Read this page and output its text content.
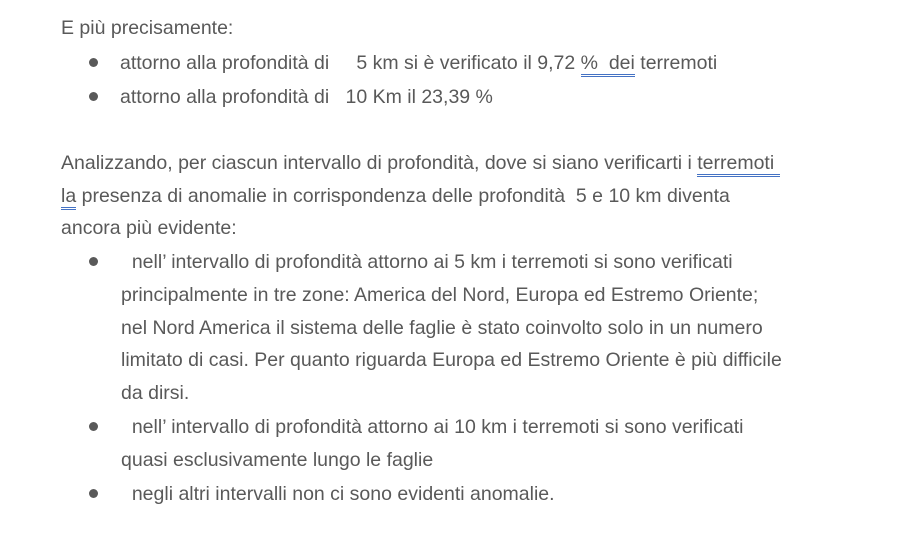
E più precisamente:
attorno alla profondità di     5 km si è verificato il 9,72 %  dei terremoti
attorno alla profondità di   10 Km il 23,39 %
Analizzando, per ciascun intervallo di profondità, dove si siano verificarti i terremoti
la presenza di anomalie in corrispondenza delle profondità  5 e 10 km diventa
ancora più evidente:
nell’ intervallo di profondità attorno ai 5 km i terremoti si sono verificati
principalmente in tre zone: America del Nord, Europa ed Estremo Oriente;
nel Nord America il sistema delle faglie è stato coinvolto solo in un numero
limitato di casi. Per quanto riguarda Europa ed Estremo Oriente è più difficile
da dirsi.
nell’ intervallo di profondità attorno ai 10 km i terremoti si sono verificati
quasi esclusivamente lungo le faglie
negli altri intervalli non ci sono evidenti anomalie.
